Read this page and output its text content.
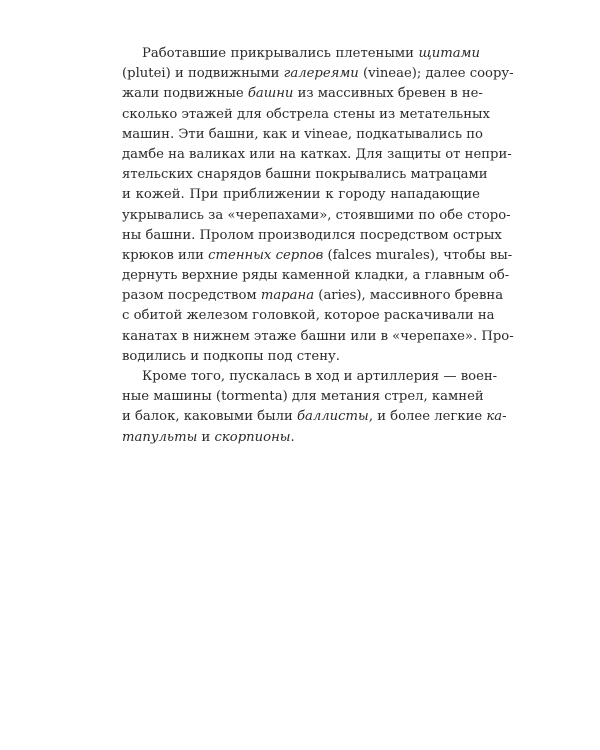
Работавшие прикрывались плетеными щитами
(plutei) и подвижными галереями (vineae); далее соору-
жали подвижные башни из массивных бревен в не-
сколько этажей для обстрела стены из метательных
машин. Эти башни, как и vineae, подкатывались по
дамбе на валиках или на катках. Для защиты от непри-
ятельских снарядов башни покрывались матрацами
и кожей. При приближении к городу нападающие
укрывались за «черепахами», стоявшими по обе сторо-
ны башни. Пролом производился посредством острых
крюков или стенных серпов (falces murales), чтобы вы-
дернуть верхние ряды каменной кладки, а главным об-
разом посредством тарана (aries), массивного бревна
с обитой железом головкой, которое раскачивали на
канатах в нижнем этаже башни или в «черепахе». Про-
водились и подкопы под стену.
Кроме того, пускалась в ход и артиллерия — воен-
ные машины (tormenta) для метания стрел, камней
и балок, каковыми были баллисты, и более легкие ка-
тапульты и скорпионы.
